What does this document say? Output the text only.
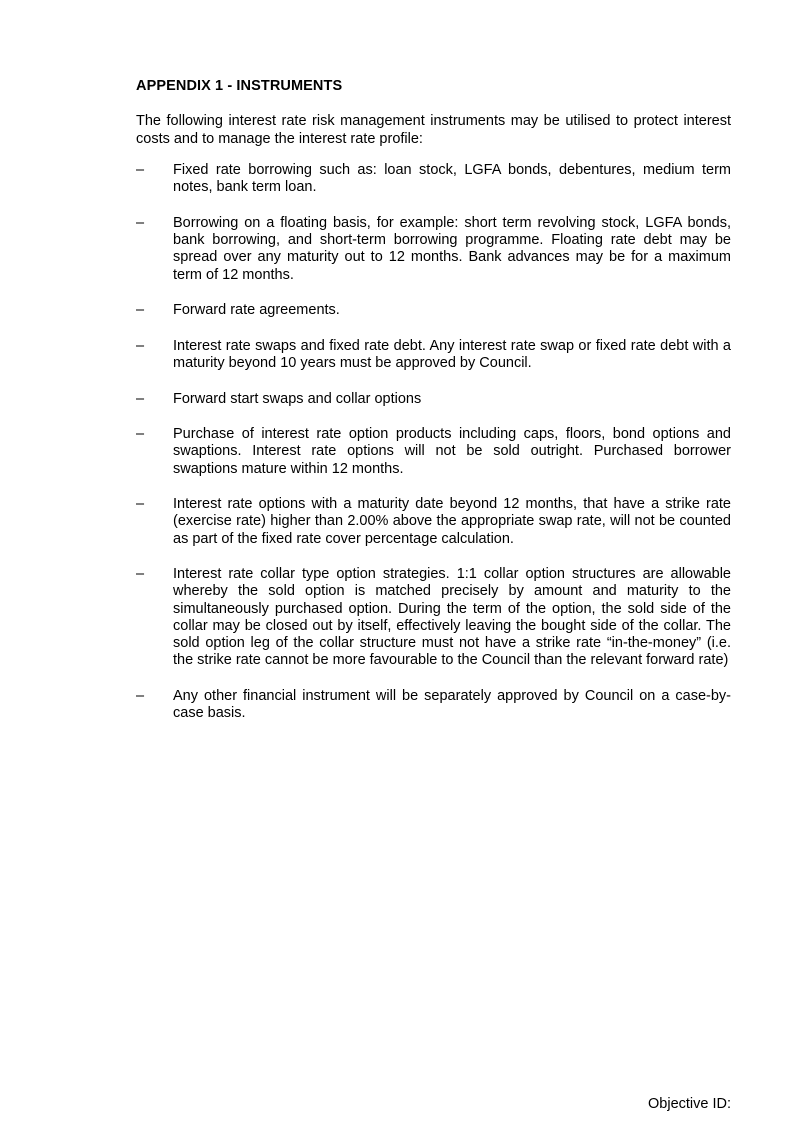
APPENDIX 1 - INSTRUMENTS

The following interest rate risk management instruments may be utilised to protect interest costs and to manage the interest rate profile:

–	Fixed rate borrowing such as: loan stock, LGFA bonds, debentures, medium term notes, bank term loan.
–	Borrowing on a floating basis, for example: short term revolving stock, LGFA bonds, bank borrowing, and short-term borrowing programme. Floating rate debt may be spread over any maturity out to 12 months. Bank advances may be for a maximum term of 12 months.
–	Forward rate agreements.
–	Interest rate swaps and fixed rate debt. Any interest rate swap or fixed rate debt with a maturity beyond 10 years must be approved by Council.
–	Forward start swaps and collar options
–	Purchase of interest rate option products including caps, floors, bond options and swaptions. Interest rate options will not be sold outright. Purchased borrower swaptions mature within 12 months.
–	Interest rate options with a maturity date beyond 12 months, that have a strike rate (exercise rate) higher than 2.00% above the appropriate swap rate, will not be counted as part of the fixed rate cover percentage calculation.
–	Interest rate collar type option strategies. 1:1 collar option structures are allowable whereby the sold option is matched precisely by amount and maturity to the simultaneously purchased option. During the term of the option, the sold side of the collar may be closed out by itself, effectively leaving the bought side of the collar. The sold option leg of the collar structure must not have a strike rate “in-the-money” (i.e. the strike rate cannot be more favourable to the Council than the relevant forward rate)
–	Any other financial instrument will be separately approved by Council on a case-by-case basis.
Objective ID:
